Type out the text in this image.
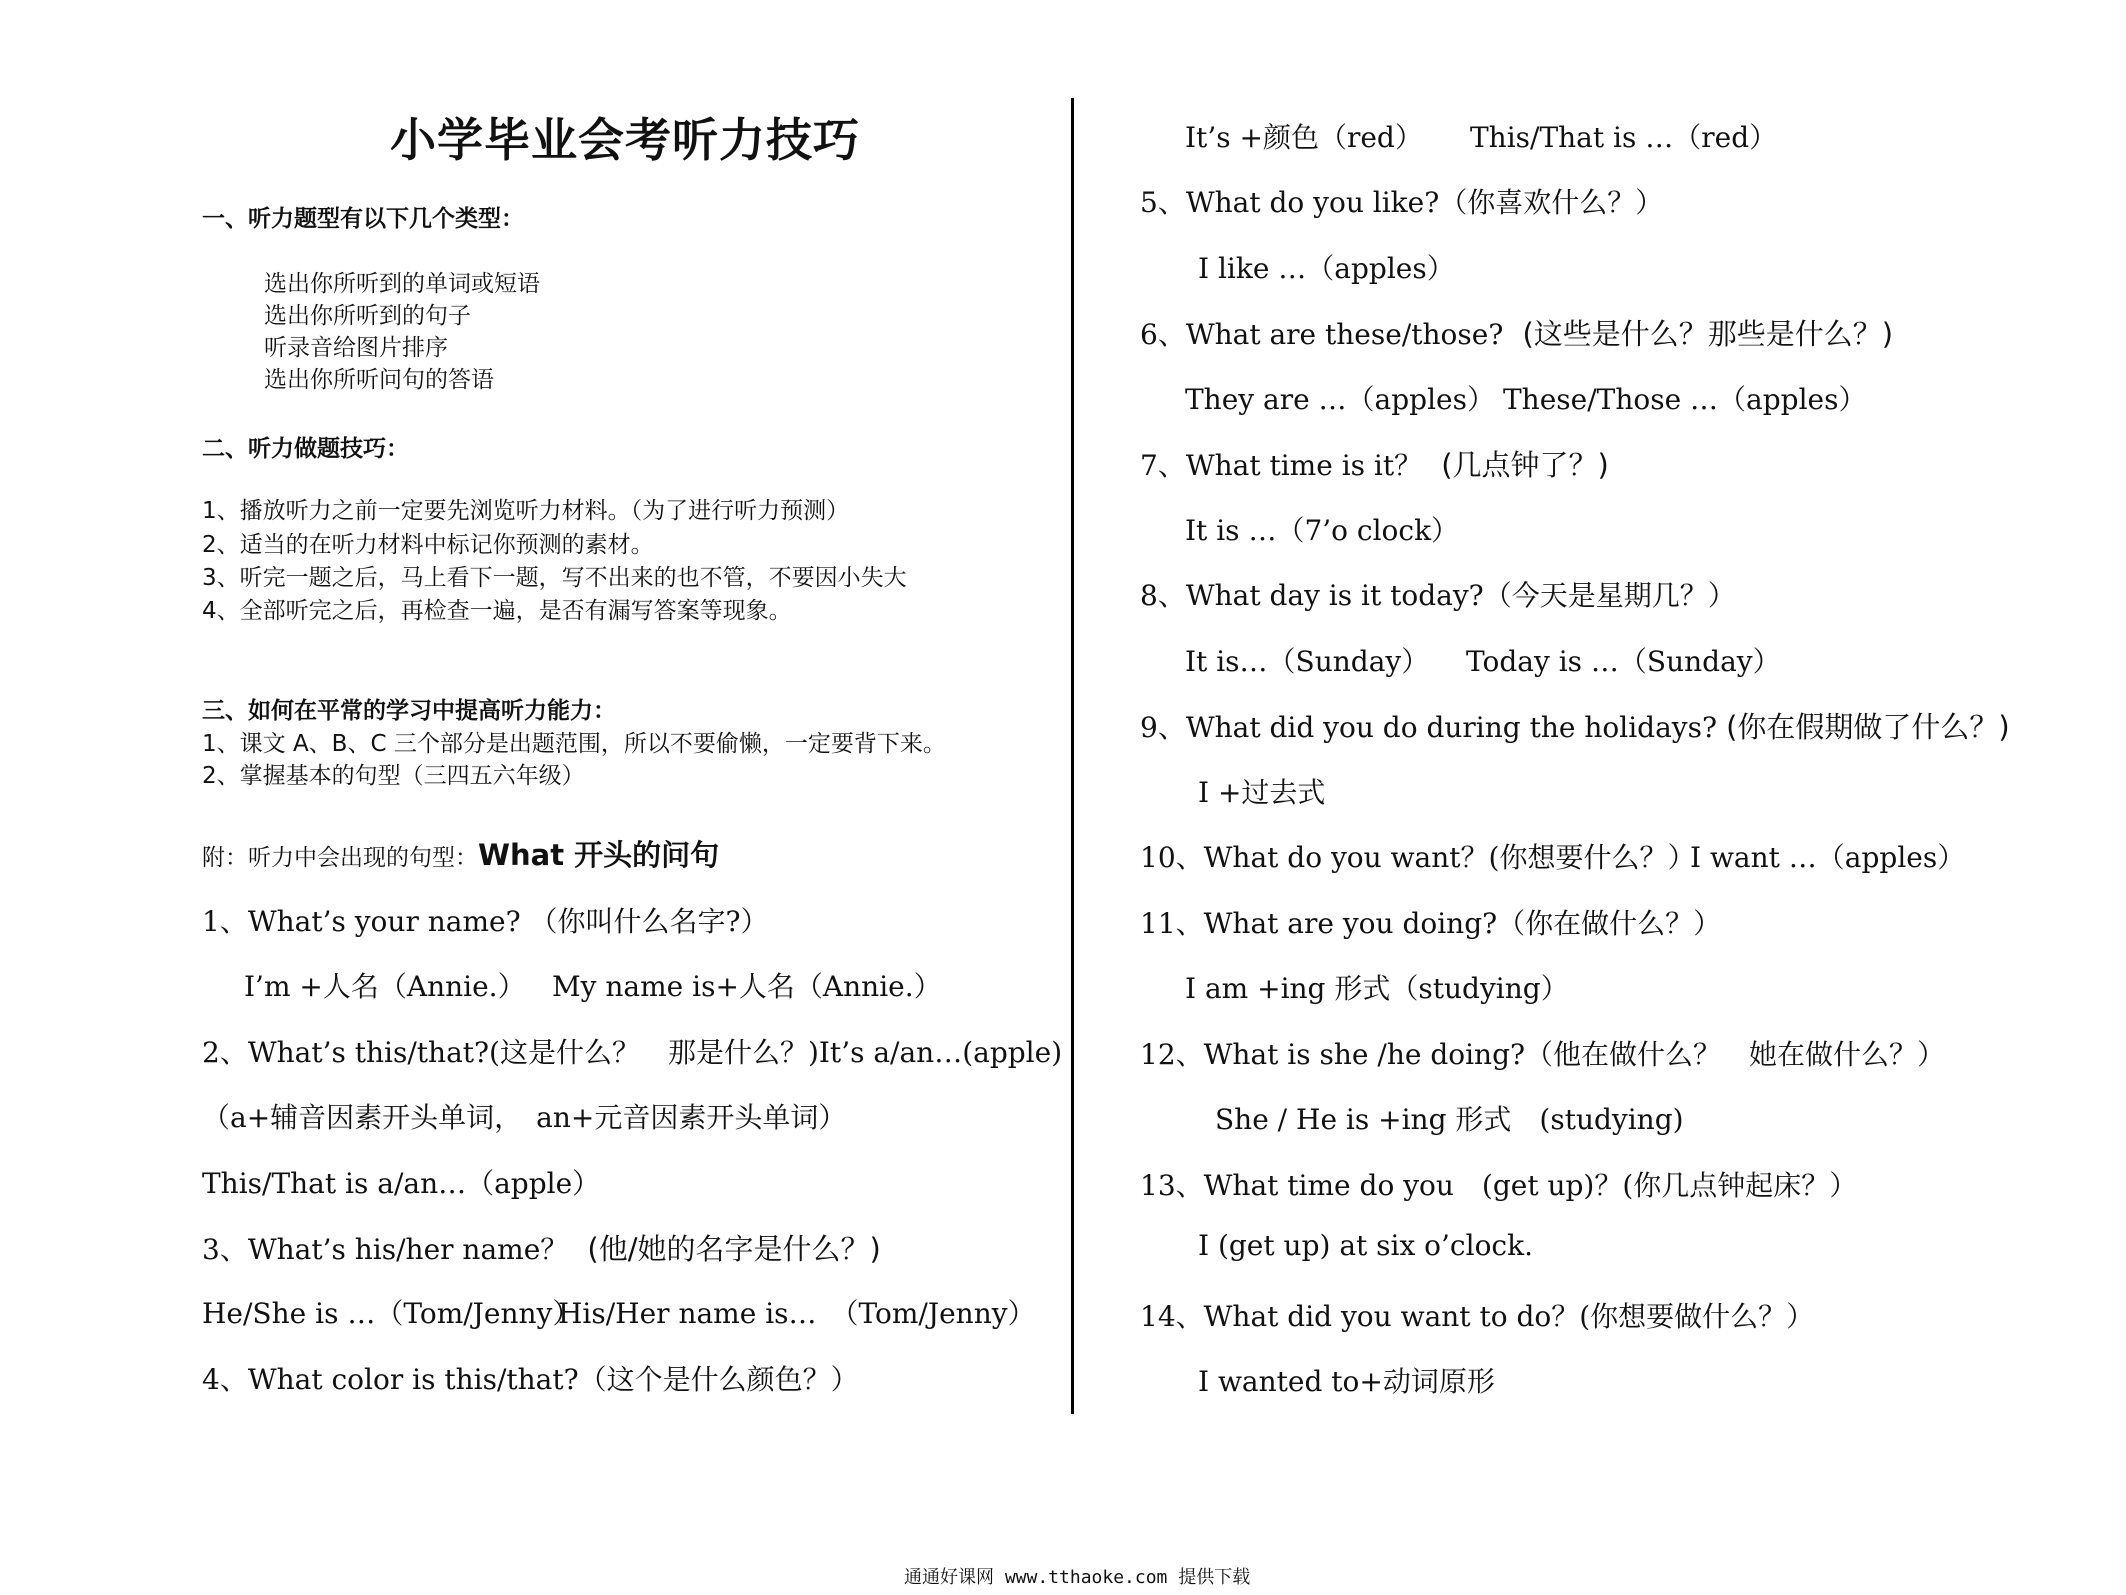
小学毕业会考听力技巧
一、听力题型有以下几个类型：
选出你所听到的单词或短语
选出你所听到的句子
听录音给图片排序
选出你所听问句的答语
二、听力做题技巧：
1、播放听力之前一定要先浏览听力材料。（为了进行听力预测）
2、适当的在听力材料中标记你预测的素材。
3、听完一题之后，马上看下一题，写不出来的也不管，不要因小失大
4、全部听完之后，再检查一遍，是否有漏写答案等现象。
三、如何在平常的学习中提高听力能力：
1、课文 A、B、C 三个部分是出题范围，所以不要偷懒，一定要背下来。
2、掌握基本的句型（三四五六年级）
附：听力中会出现的句型：What 开头的问句
1、What’s your name? （你叫什么名字?）
I’m +人名（Annie.） My name is+人名（Annie.）
2、What’s this/that?(这是什么？　那是什么？)It’s a/an…(apple)
（a+辅音因素开头单词，　an+元音因素开头单词）
This/That is a/an…（apple）
3、What’s his/her name？ (他/她的名字是什么？)
He/She is …（Tom/Jenny）
His/Her name is…　（Tom/Jenny）
4、What color is this/that?（这个是什么颜色？）
It’s +颜色（red） This/That is …（red）
5、What do you like?（你喜欢什么？）
I like …（apples）
6、What are these/those? (这些是什么？那些是什么？)
They are …（apples） These/Those …（apples）
7、What time is it？ (几点钟了？)
It is …（7’o clock）
8、What day is it today?（今天是星期几？）
It is…（Sunday） Today is …（Sunday）
9、What did you do during the holidays? (你在假期做了什么？)
I +过去式
10、What do you want？(你想要什么？）
I want …（apples）
11、What are you doing?（你在做什么？）
I am +ing 形式（studying）
12、What is she /he doing?（他在做什么？　她在做什么？）
She / He is +ing 形式　(studying)
13、What time do you　(get up)？(你几点钟起床？）
I (get up) at six o’clock.
14、What did you want to do？(你想要做什么？）
I wanted to+动词原形
通通好课网 www.tthaoke.com 提供下载
